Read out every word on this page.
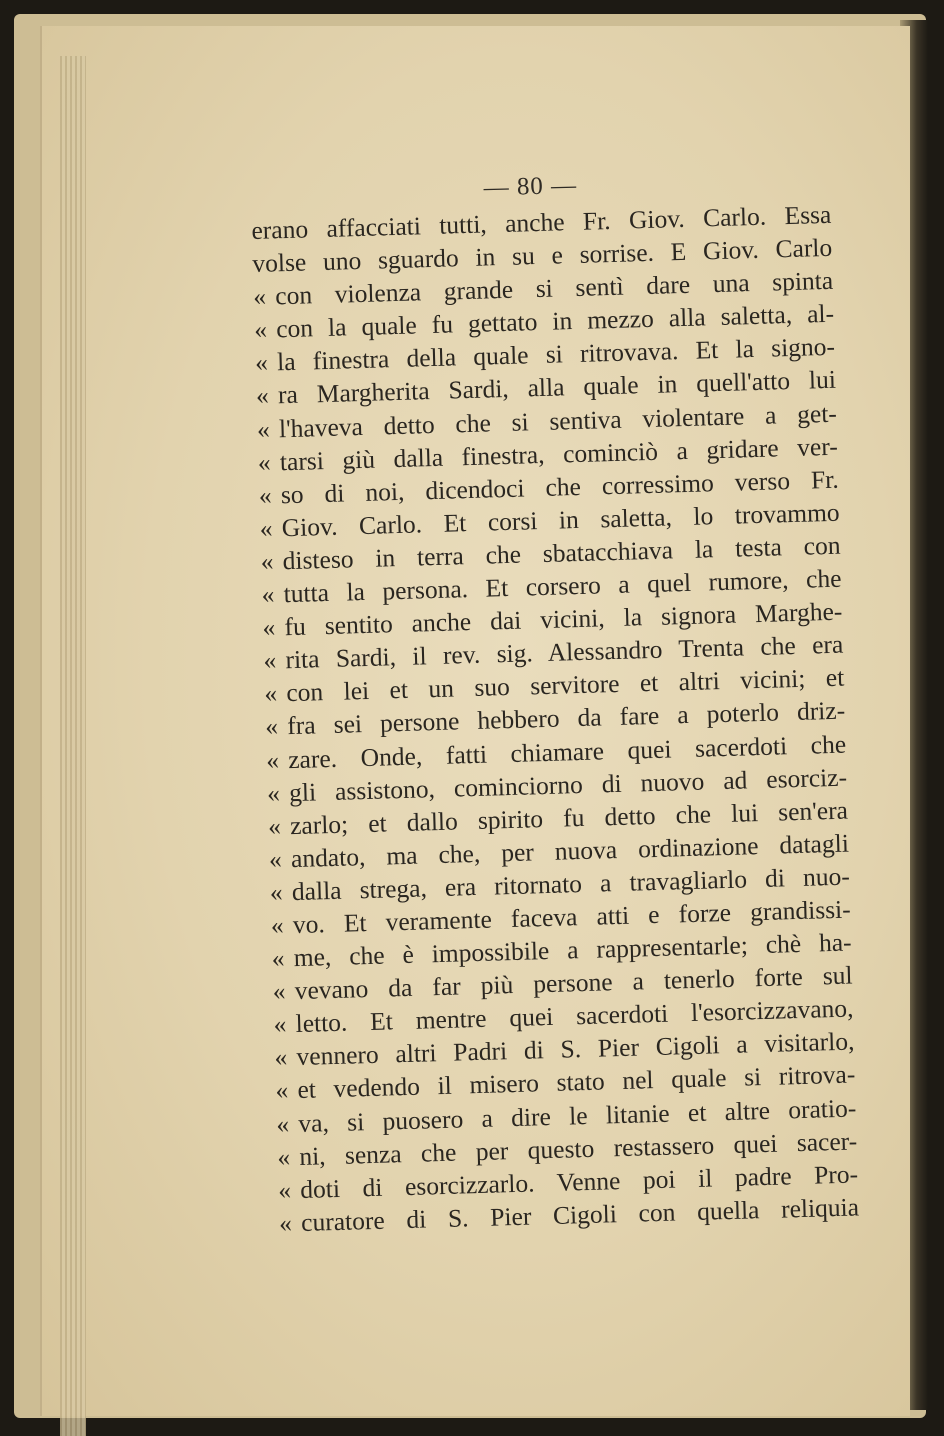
— 80 —
erano affacciati tutti, anche Fr. Giov. Carlo. Essa
volse uno sguardo in su e sorrise. E Giov. Carlo
« con violenza grande si sentì dare una spinta
« con la quale fu gettato in mezzo alla saletta, al-
« la finestra della quale si ritrovava. Et la signo-
« ra Margherita Sardi, alla quale in quell'atto lui
« l'haveva detto che si sentiva violentare a get-
« tarsi giù dalla finestra, cominciò a gridare ver-
« so di noi, dicendoci che corressimo verso Fr.
« Giov. Carlo. Et corsi in saletta, lo trovammo
« disteso in terra che sbatacchiava la testa con
« tutta la persona. Et corsero a quel rumore, che
« fu sentito anche dai vicini, la signora Marghe-
« rita Sardi, il rev. sig. Alessandro Trenta che era
« con lei et un suo servitore et altri vicini; et
« fra sei persone hebbero da fare a poterlo driz-
« zare. Onde, fatti chiamare quei sacerdoti che
« gli assistono, cominciorno di nuovo ad esorciz-
« zarlo; et dallo spirito fu detto che lui sen'era
« andato, ma che, per nuova ordinazione datagli
« dalla strega, era ritornato a travagliarlo di nuo-
« vo. Et veramente faceva atti e forze grandissi-
« me, che è impossibile a rappresentarle; chè ha-
« vevano da far più persone a tenerlo forte sul
« letto. Et mentre quei sacerdoti l'esorcizzavano,
« vennero altri Padri di S. Pier Cigoli a visitarlo,
« et vedendo il misero stato nel quale si ritrova-
« va, si puosero a dire le litanie et altre oratio-
« ni, senza che per questo restassero quei sacer-
« doti di esorcizzarlo. Venne poi il padre Pro-
« curatore di S. Pier Cigoli con quella reliquia
